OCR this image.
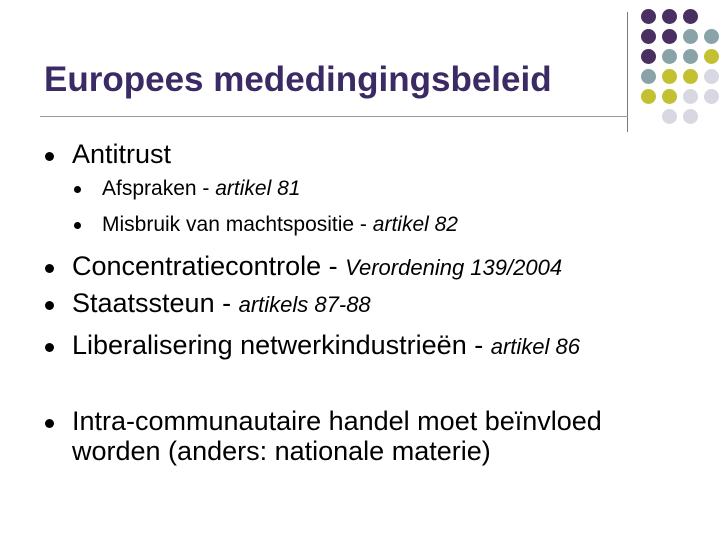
Europees mededingingsbeleid
Antitrust
Afspraken - artikel 81
Misbruik van machtspositie - artikel 82
Concentratiecontrole - Verordening 139/2004
Staatssteun - artikels 87-88
Liberalisering netwerkindustrieën - artikel 86
Intra-communautaire handel moet beïnvloed
worden (anders: nationale materie)
